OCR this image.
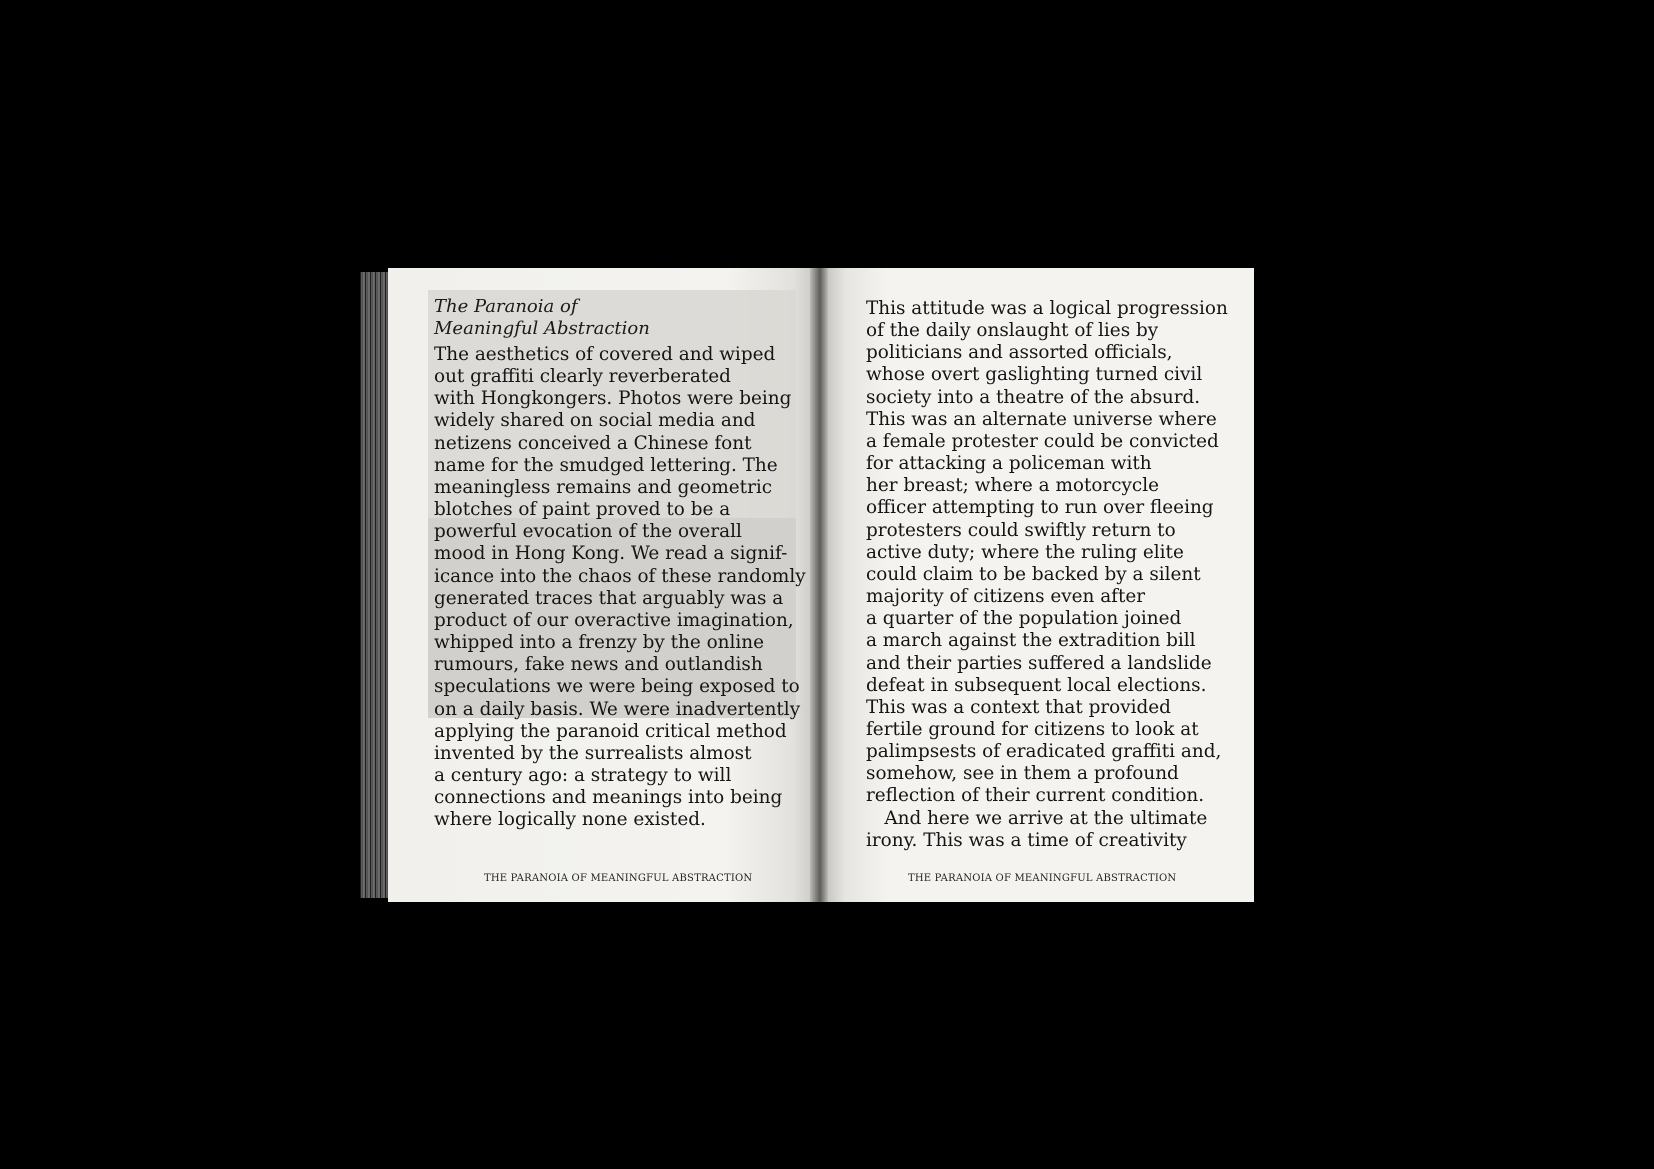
The Paranoia of
Meaningful Abstraction
The aesthetics of covered and wiped
out graffiti clearly reverberated
with Hongkongers. Photos were being
widely shared on social media and
netizens conceived a Chinese font
name for the smudged lettering. The
meaningless remains and geometric
blotches of paint proved to be a
powerful evocation of the overall
mood in Hong Kong. We read a signif-
icance into the chaos of these randomly
generated traces that arguably was a
product of our overactive imagination,
whipped into a frenzy by the online
rumours, fake news and outlandish
speculations we were being exposed to
on a daily basis. We were inadvertently
applying the paranoid critical method
invented by the surrealists almost
a century ago: a strategy to will
connections and meanings into being
where logically none existed.
THE PARANOIA OF MEANINGFUL ABSTRACTION
This attitude was a logical progression
of the daily onslaught of lies by
politicians and assorted officials,
whose overt gaslighting turned civil
society into a theatre of the absurd.
This was an alternate universe where
a female protester could be convicted
for attacking a policeman with
her breast; where a motorcycle
officer attempting to run over fleeing
protesters could swiftly return to
active duty; where the ruling elite
could claim to be backed by a silent
majority of citizens even after
a quarter of the population joined
a march against the extradition bill
and their parties suffered a landslide
defeat in subsequent local elections.
This was a context that provided
fertile ground for citizens to look at
palimpsests of eradicated graffiti and,
somehow, see in them a profound
reflection of their current condition.
 And here we arrive at the ultimate
irony. This was a time of creativity
THE PARANOIA OF MEANINGFUL ABSTRACTION
